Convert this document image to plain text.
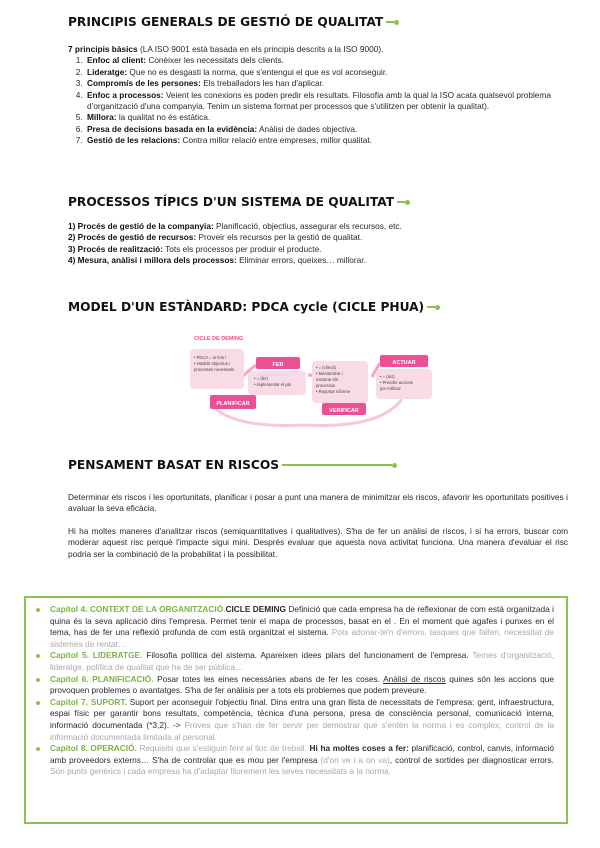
PRINCIPIS GENERALS DE GESTIÓ DE QUALITAT
7 principis bàsics (LA ISO 9001 està basada en els principis descrits a la ISO 9000).
1. Enfoc al client: Conèixer les necessitats dels clients.
2. Lideratge: Que no es desgasti la norma, que s'entengui el que es vol aconseguir.
3. Compromís de les persones: Els treballadors les han d'aplicar.
4. Enfoc a processos: Veient les conexions es poden predir els resultats. Filosofia amb la qual la ISO acata qualsevol problema d'organització d'una companyia. Tenim un sistema format per processos que s'utilitzen per obtenir la qualitat).
5. Millora: la qualitat no és estàtica.
6. Presa de decisions basada en la evidència: Anàlisi de dades objectiva.
7. Gestió de les relacions: Contra millor relació entre empreses, millor qualitat.
PROCESSOS TÍPICS D'UN SISTEMA DE QUALITAT
1) Procés de gestió de la companyia: Planificació, objectius, assegurar els recursos, etc.
2) Procés de gestió de recursos: Proveir els recursos per la gestió de qualitat.
3) Procés de realització: Tots els processos per produir el producte.
4) Mesura, anàlisi i millora dels processos: Eliminar errors, queixes… millorar.
MODEL D'UN ESTÀNDARD: PDCA cycle (CICLE PHUA)
CICLE DE DEMING
• PDCA = lo fem i
• establir objectius i
processos necessaris
PLANIFICAR
FER
• = (fer)
• implementar el pla
• = (check)
• Monitoritzar i
mesurar els
processos
• Reportar informe
VERIFICAR
ACTUAR
• = (act)
• Prendre accions
per millorar
PENSAMENT BASAT EN RISCOS

Determinar els riscos i les oportunitats, planificar i posar a punt una manera de minimitzar els riscos, afavorir les oportunitats positives i avaluar la seva eficàcia.

Hi ha moltes maneres d'analitzar riscos (semiquantitatives i qualitatives). S'ha de fer un anàlisi de riscos, i si ha errors, buscar com moderar aquest risc perquè l'impacte sigui mini. Després evaluar que aquesta nova activitat funciona. Una manera d'evaluar el risc podria ser la combinació de la probabilitat i la possibilitat.

Capítol 4. CONTEXT DE LA ORGANITZACIÓ.CICLE DEMING Definició que cada empresa ha de reflexionar de com està organitzada i quina és la seva aplicació dins l'empresa. Permet tenir el mapa de processos, basat en el . En el moment que agafes i punxes en el tema, has de fer una reflexió profunda de com està organitzat el sistema. Pots adonar-te'n d'errors, tasques que fallen, necessitat de sistemes de rentat…
Capítol 5. LIDERATGE. Filosofia política del sistema. Apareixen idees pilars del funcionament de l'empresa. Temes d'organització, lideratge, política de qualitat que ha de ser pública…
Capítol 6. PLANIFICACIÓ. Posar totes les eines necessàries abans de fer les coses. Anàlisi de riscos quines són les accions que provoquen problemes o avantatges. S'ha de fer anàlisis per a tots els problemes que podem preveure.
Capítol 7. SUPORT. Suport per aconseguir l'objectiu final. Dins entra una gran llista de necessitats de l'empresa: gent, infraestructura, espai físic per garantir bons resultats, competència, tècnica d'una persona, presa de consciència personal, comunicació interna, informació documentada (*3,2). -> Proves que s'han de fer servir per demostrar que s'entén la norma i es complex, control de la informació documentada limitada al personal.
Capítol 8. OPERACIÓ. Requisits que s'estiguin fent al lloc de treball. Hi ha moltes coses a fer: planificació, control, canvis, informació amb proveedors externs… S'ha de controlar que es mou per l'empresa (d'on ve i a on va), control de sortides per diagnosticar errors. Són punts genèrics i cada empresa ha d'adaptar lliurement les seves necessitats a la norma.
